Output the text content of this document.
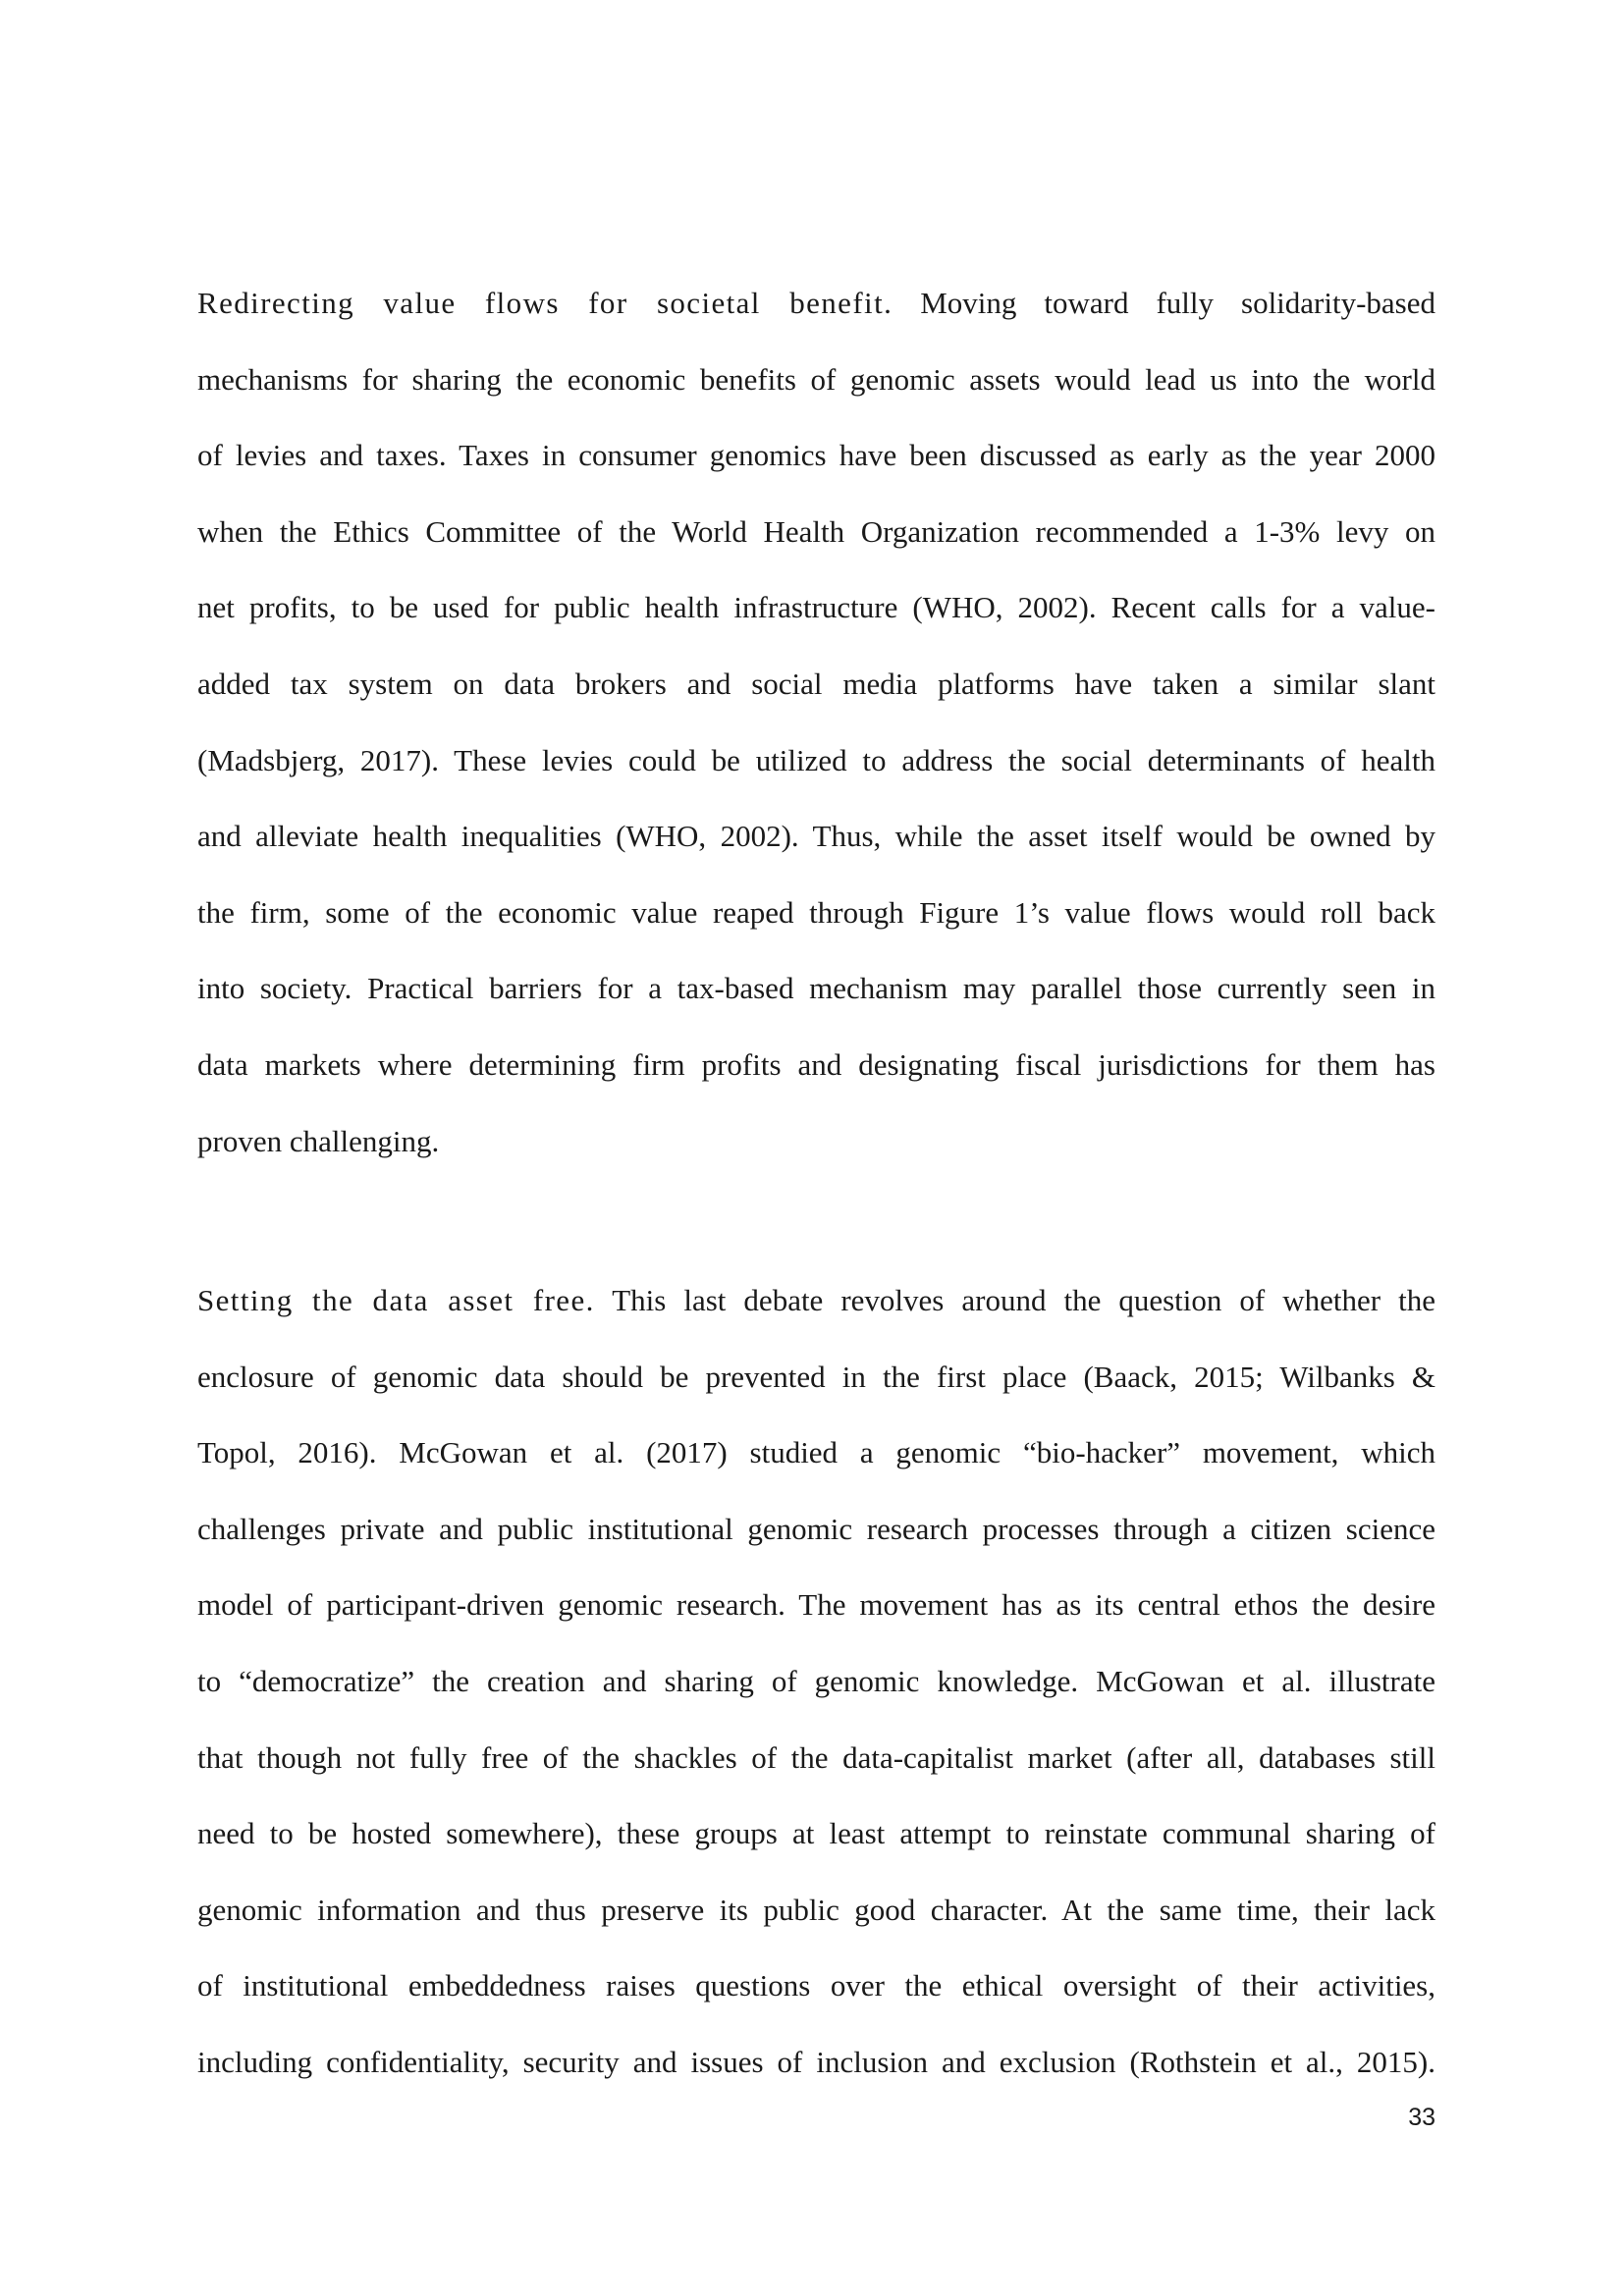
Redirecting value flows for societal benefit. Moving toward fully solidarity-based
mechanisms for sharing the economic benefits of genomic assets would lead us into the world
of levies and taxes. Taxes in consumer genomics have been discussed as early as the year 2000
when the Ethics Committee of the World Health Organization recommended a 1-3% levy on
net profits, to be used for public health infrastructure (WHO, 2002). Recent calls for a value-
added tax system on data brokers and social media platforms have taken a similar slant
(Madsbjerg, 2017). These levies could be utilized to address the social determinants of health
and alleviate health inequalities (WHO, 2002). Thus, while the asset itself would be owned by
the firm, some of the economic value reaped through Figure 1’s value flows would roll back
into society. Practical barriers for a tax-based mechanism may parallel those currently seen in
data markets where determining firm profits and designating fiscal jurisdictions for them has
proven challenging.
Setting the data asset free. This last debate revolves around the question of whether the
enclosure of genomic data should be prevented in the first place (Baack, 2015; Wilbanks &
Topol, 2016). McGowan et al. (2017) studied a genomic “bio-hacker” movement, which
challenges private and public institutional genomic research processes through a citizen science
model of participant-driven genomic research. The movement has as its central ethos the desire
to “democratize” the creation and sharing of genomic knowledge. McGowan et al. illustrate
that though not fully free of the shackles of the data-capitalist market (after all, databases still
need to be hosted somewhere), these groups at least attempt to reinstate communal sharing of
genomic information and thus preserve its public good character. At the same time, their lack
of institutional embeddedness raises questions over the ethical oversight of their activities,
including confidentiality, security and issues of inclusion and exclusion (Rothstein et al., 2015).
33
